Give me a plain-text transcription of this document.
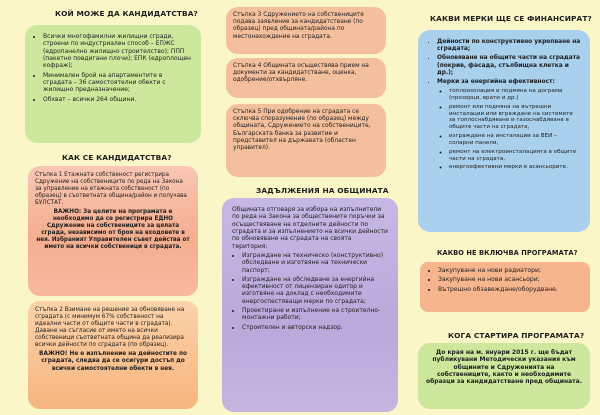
КОЙ МОЖЕ ДА КАНДИДАТСТВА?
• Всички многофамилни жилищни сгради, строени по индустриален способ – ЕПЖС (едропанелно жилищно строителство); ППП (пакетно повдигани плочи); ЕПК (едроплощен кофраж);
• Минимален брой на апартаментите в сградата – 36 самостоятелни обекти с жилищно предназначение;
• Обхват – всички 264 общини.
КАК СЕ КАНДИДАТСТВА?

Стъпка 1 Етажната собственост регистрира Сдружение на собствениците по реда на Закона за управление на етажната собственост (по образец) в съответната община/район и получава БУЛСТАТ.

ВАЖНО: За целите на програмата е необходимо да се регистрира ЕДНО Сдружение на собствениците за цялата сграда, независимо от броя на входовете в нея. Избраният Управителен съвет действа от името на всички собственици в сградата.

Стъпка 2 Взимане на решение за обновяване на сградата (с минимум 67% собственост на идеални части от общите части в сградата). Даване на съгласие от името на всички собственици съответната община да реализира всички дейности по сградата (по образец).

ВАЖНО! Не е изпълнение на дейностите по сградата, следва да се осигури достъп до всички самостоятелни обекти в нея.

Стъпка 3 Сдружението на собствениците подава заявление за кандидатстване (по образец) пред общината/района по местонахождение на сградата.

Стъпка 4 Общината осъществява прием на документи за кандидатстване, оценка, одобрение/отхвърляне.

Стъпка 5 При одобрение на сградата се сключва споразумение (по образец) между общината, Сдружението на собствениците, Българската банка за развитие и представител на държавата (областен управител).

ЗАДЪЛЖЕНИЯ НА ОБЩИНАТА

Общината отговаря за избора на изпълнители по реда на Закона за обществените поръчки за осъществяване на отделните дейности по сградата и за изпълнението на всички дейности по обновяване на сградата на своята територия:

• Изграждане на техническо (конструктивно) обследване и изготвяне на технически паспорт;
• Изграждане на обследване за енергийна ефективност от лицензиран одитор и изготвяне на доклад с необходимите енергоспестяващи мерки по сградата;
• Проектиране и изпълнение на строително-монтажни работи;
• Строителен и авторски надзор.
КАКВИ МЕРКИ ЩЕ СЕ ФИНАНСИРАТ?
• Дейности по конструктивно укрепване на сградата;
• Обновяване на общите части на сградата (покрив, фасада, стълбищна клетка и др.);
• Мерки за енергийна ефективност:
◦ топлоизолация и подмяна на дограма (прозорци, врати и др.)
◦ ремонт или подмяна на вътрешни инсталации или вграждане на системите за топлоснабдяване и газоснабдяване в общите части на сградата,
◦ изграждане на инсталации за ВЕИ – соларни панели,
◦ ремонт на електроинсталацията в общите части на сградата,
◦ енергоефективни мерки в асансьорите.
КАКВО НЕ ВКЛЮЧВА ПРОГРАМАТА?
• Закупуване на нови радиатори;
• Закупуване на нови асансьори;
• Вътрешно обзавеждане/оборудване.
КОГА СТАРТИРА ПРОГРАМАТА?

До края на м. януари 2015 г. ще бъдат публикувани Методически указания към общините и Сдруженията на собствениците, както и необходимите образци за кандидатстване пред общината.
